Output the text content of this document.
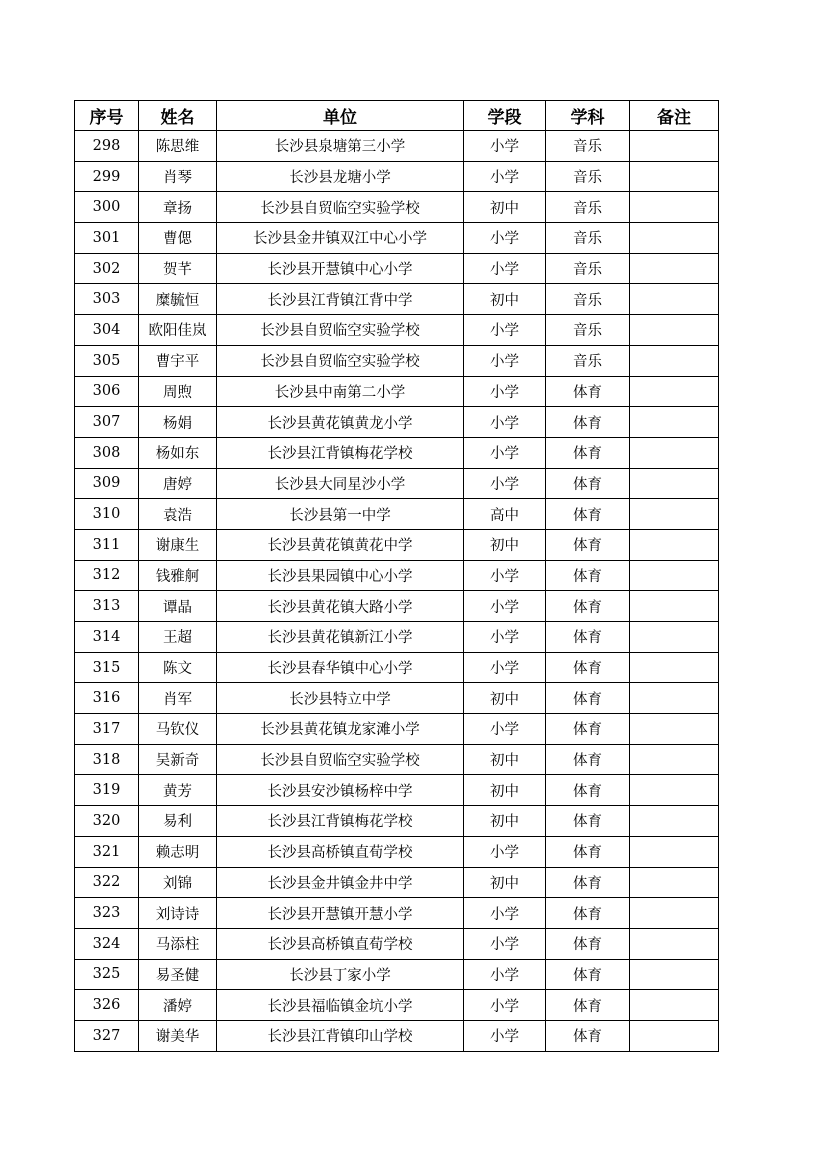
序号	姓名	单位	学段	学科	备注
298	陈思维	长沙县泉塘第三小学	小学	音乐	
299	肖琴	长沙县龙塘小学	小学	音乐	
300	章扬	长沙县自贸临空实验学校	初中	音乐	
301	曹偲	长沙县金井镇双江中心小学	小学	音乐	
302	贺芊	长沙县开慧镇中心小学	小学	音乐	
303	糜毓恒	长沙县江背镇江背中学	初中	音乐	
304	欧阳佳岚	长沙县自贸临空实验学校	小学	音乐	
305	曹宇平	长沙县自贸临空实验学校	小学	音乐	
306	周煦	长沙县中南第二小学	小学	体育	
307	杨娟	长沙县黄花镇黄龙小学	小学	体育	
308	杨如东	长沙县江背镇梅花学校	小学	体育	
309	唐婷	长沙县大同星沙小学	小学	体育	
310	袁浩	长沙县第一中学	高中	体育	
311	谢康生	长沙县黄花镇黄花中学	初中	体育	
312	钱雅舸	长沙县果园镇中心小学	小学	体育	
313	谭晶	长沙县黄花镇大路小学	小学	体育	
314	王超	长沙县黄花镇新江小学	小学	体育	
315	陈文	长沙县春华镇中心小学	小学	体育	
316	肖军	长沙县特立中学	初中	体育	
317	马钦仪	长沙县黄花镇龙家滩小学	小学	体育	
318	吴新奇	长沙县自贸临空实验学校	初中	体育	
319	黄芳	长沙县安沙镇杨梓中学	初中	体育	
320	易利	长沙县江背镇梅花学校	初中	体育	
321	赖志明	长沙县高桥镇直荀学校	小学	体育	
322	刘锦	长沙县金井镇金井中学	初中	体育	
323	刘诗诗	长沙县开慧镇开慧小学	小学	体育	
324	马添柱	长沙县高桥镇直荀学校	小学	体育	
325	易圣健	长沙县丁家小学	小学	体育	
326	潘婷	长沙县福临镇金坑小学	小学	体育	
327	谢美华	长沙县江背镇印山学校	小学	体育	
